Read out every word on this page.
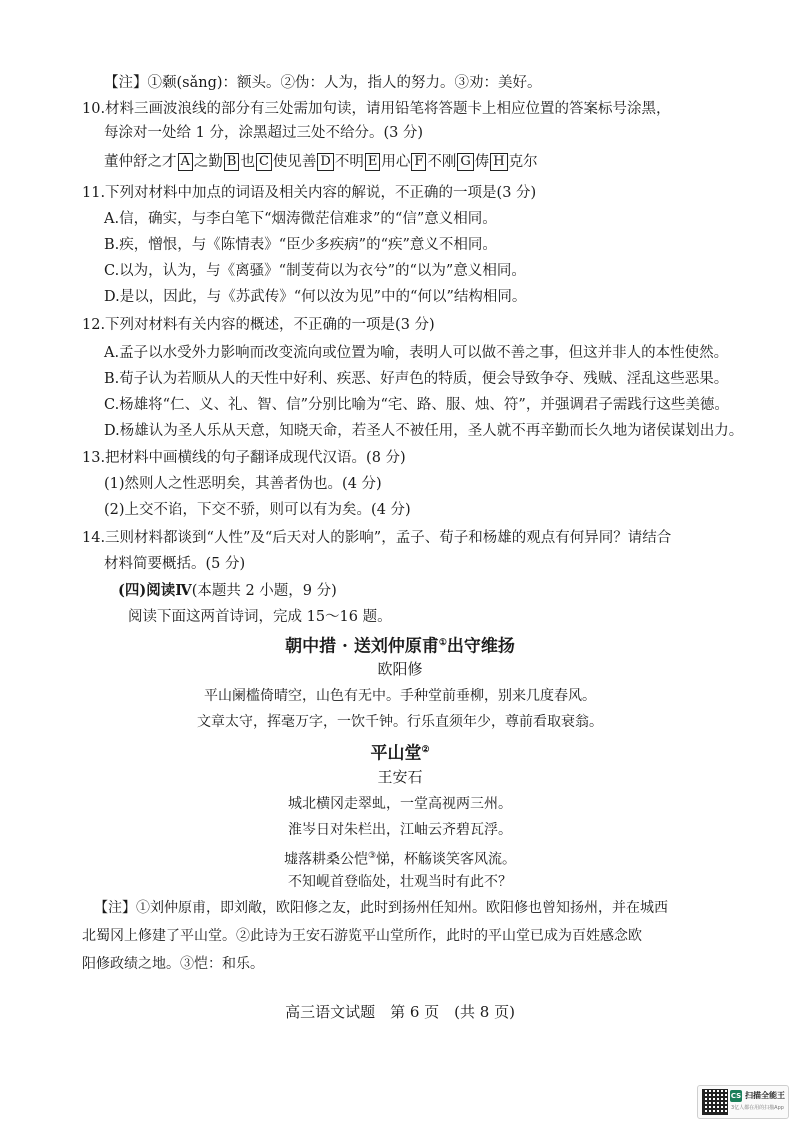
【注】①颡(sǎng)：额头。②伪：人为，指人的努力。③劝：美好。
10.材料三画波浪线的部分有三处需加句读，请用铅笔将答题卡上相应位置的答案标号涂黑，
每涂对一处给 1 分，涂黑超过三处不给分。(3 分)
董仲舒之才 A 之勤 B 也 C 使见善 D 不明 E 用心 F 不刚 G 俦 H 克尔
11.下列对材料中加点的词语及相关内容的解说，不正确的一项是(3 分)
A.信，确实，与李白笔下“烟涛微茫信难求”的“信”意义相同。
B.疾，憎恨，与《陈情表》“臣少多疾病”的“疾”意义不相同。
C.以为，认为，与《离骚》“制芰荷以为衣兮”的“以为”意义相同。
D.是以，因此，与《苏武传》“何以汝为见”中的“何以”结构相同。
12.下列对材料有关内容的概述，不正确的一项是(3 分)
A.孟子以水受外力影响而改变流向或位置为喻，表明人可以做不善之事，但这并非人的本性使然。
B.荀子认为若顺从人的天性中好利、疾恶、好声色的特质，便会导致争夺、残贼、淫乱这些恶果。
C.杨雄将“仁、义、礼、智、信”分别比喻为“宅、路、服、烛、符”，并强调君子需践行这些美德。
D.杨雄认为圣人乐从天意，知晓天命，若圣人不被任用，圣人就不再辛勤而长久地为诸侯谋划出力。
13.把材料中画横线的句子翻译成现代汉语。(8 分)
(1)然则人之性恶明矣，其善者伪也。(4 分)
(2)上交不谄，下交不骄，则可以有为矣。(4 分)
14.三则材料都谈到“人性”及“后天对人的影响”，孟子、荀子和杨雄的观点有何异同？请结合
材料简要概括。(5 分)
(四)阅读Ⅳ(本题共 2 小题，9 分)
阅读下面这两首诗词，完成 15～16 题。
朝中措 · 送刘仲原甫①出守维扬
欧阳修
平山阑槛倚晴空，山色有无中。手种堂前垂柳，别来几度春风。
文章太守，挥毫万字，一饮千钟。行乐直须年少，尊前看取衰翁。
平山堂②
王安石
城北横冈走翠虬，一堂高视两三州。
淮岑日对朱栏出，江岫云齐碧瓦浮。
墟落耕桑公恺③悌，杯觞谈笑客风流。
不知岘首登临处，壮观当时有此不？
【注】①刘仲原甫，即刘敞，欧阳修之友，此时到扬州任知州。欧阳修也曾知扬州，并在城西
北蜀冈上修建了平山堂。②此诗为王安石游览平山堂所作，此时的平山堂已成为百姓感念欧
阳修政绩之地。③恺：和乐。
高三语文试题　第 6 页　(共 8 页)
CS 扫描全能王
3亿人都在用的扫描App
